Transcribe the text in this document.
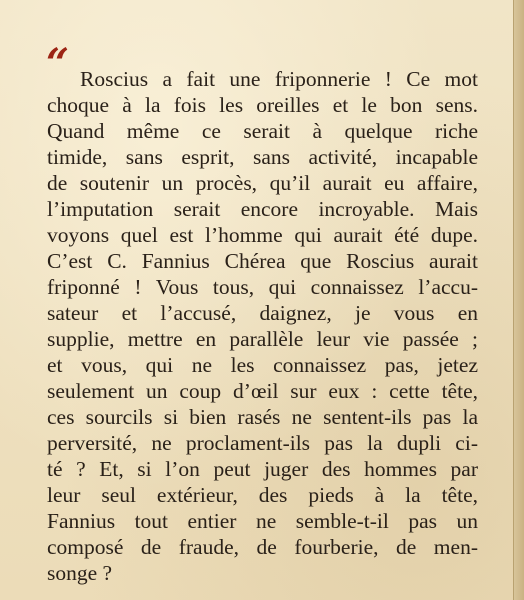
“ Roscius a fait une friponnerie ! Ce mot
choque à la fois les oreilles et le bon sens.
Quand même ce serait à quelque riche
timide, sans esprit, sans activité, incapable
de soutenir un procès, qu’il aurait eu affaire,
l’imputation serait encore incroyable. Mais
voyons quel est l’homme qui aurait été dupe.
C’est C. Fannius Chérea que Roscius aurait
friponné ! Vous tous, qui connaissez l’accu-
sateur et l’accusé, daignez, je vous en
supplie, mettre en parallèle leur vie passée ;
et vous, qui ne les connaissez pas, jetez
seulement un coup d’œil sur eux : cette tête,
ces sourcils si bien rasés ne sentent-ils pas la
perversité, ne proclament-ils pas la dupli ci-
té ? Et, si l’on peut juger des hommes par
leur seul extérieur, des pieds à la tête,
Fannius tout entier ne semble-t-il pas un
composé de fraude, de fourberie, de men-
songe ?
